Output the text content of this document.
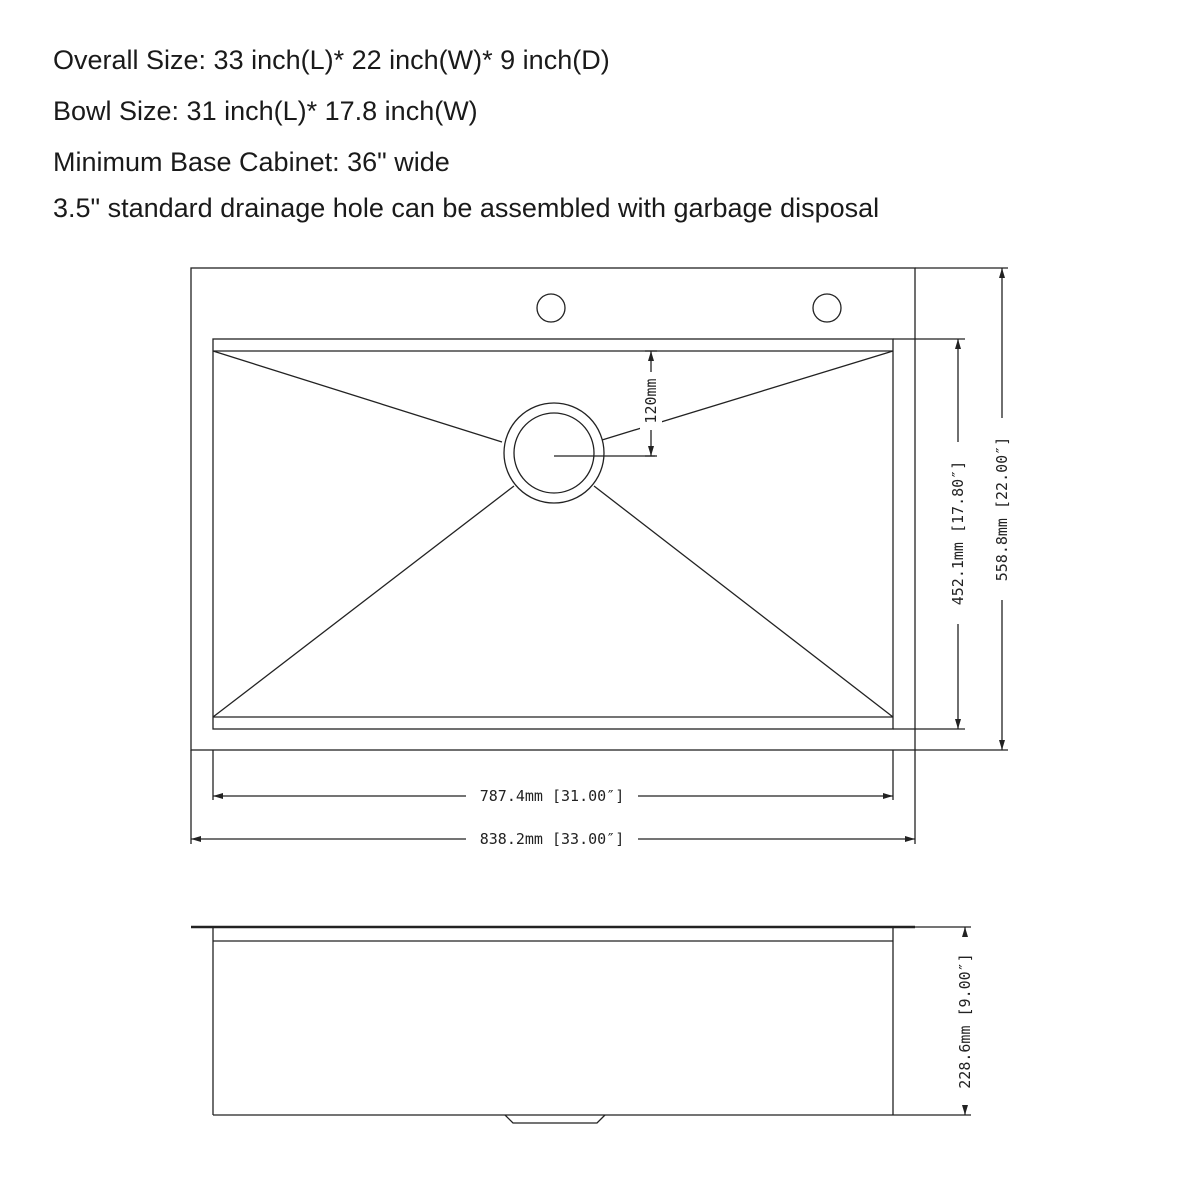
Overall Size: 33 inch(L)* 22 inch(W)* 9 inch(D)
Bowl Size: 31 inch(L)* 17.8 inch(W)
Minimum Base Cabinet: 36" wide
3.5" standard drainage hole can be assembled with garbage disposal
120mm
452.1mm [17.80″] 558.8mm [22.00″]
787.4mm [31.00″]
838.2mm [33.00″]
228.6mm [9.00″]
